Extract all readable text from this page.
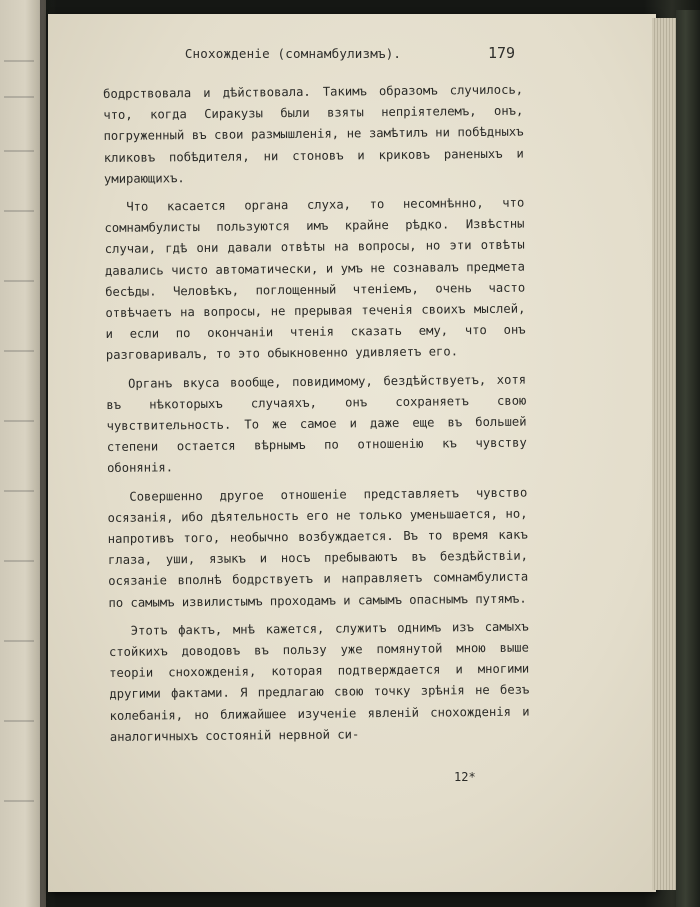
Снохожденіе (сомнамбулизмъ).	179

бодрствовала и дѣйствовала. Такимъ образомъ случилось, что, когда Сиракузы были взяты непріятелемъ, онъ, погруженный въ свои размышленія, не замѣтилъ ни побѣдныхъ кликовъ побѣдителя, ни стоновъ и криковъ раненыхъ и умирающихъ.

Что касается органа слуха, то несомнѣнно, что сомнамбулисты пользуются имъ крайне рѣдко. Извѣстны случаи, гдѣ они давали отвѣты на вопросы, но эти отвѣты давались чисто автоматически, и умъ не сознавалъ предмета бесѣды. Человѣкъ, поглощенный чтеніемъ, очень часто отвѣчаетъ на вопросы, не прерывая теченія своихъ мыслей, и если по окончаніи чтенія сказать ему, что онъ разговаривалъ, то это обыкновенно удивляетъ его.

Органъ вкуса вообще, повидимому, бездѣйствуетъ, хотя въ нѣкоторыхъ случаяхъ, онъ сохраняетъ свою чувствительность. То же самое и даже еще въ большей степени остается вѣрнымъ по отношенію къ чувству обонянія.

Совершенно другое отношеніе представляетъ чувство осязанія, ибо дѣятельность его не только уменьшается, но, напротивъ того, необычно возбуждается. Въ то время какъ глаза, уши, языкъ и носъ пребываютъ въ бездѣйствіи, осязаніе вполнѣ бодрствуетъ и направляетъ сомнамбулиста по самымъ извилистымъ проходамъ и самымъ опаснымъ путямъ.

Этотъ фактъ, мнѣ кажется, служитъ однимъ изъ самыхъ стойкихъ доводовъ въ пользу уже помянутой мною выше теоріи снохожденія, которая подтверждается и многими другими фактами. Я предлагаю свою точку зрѣнія не безъ колебанія, но ближайшее изученіе явленій снохожденія и аналогичныхъ состояній нервной си-

12*
